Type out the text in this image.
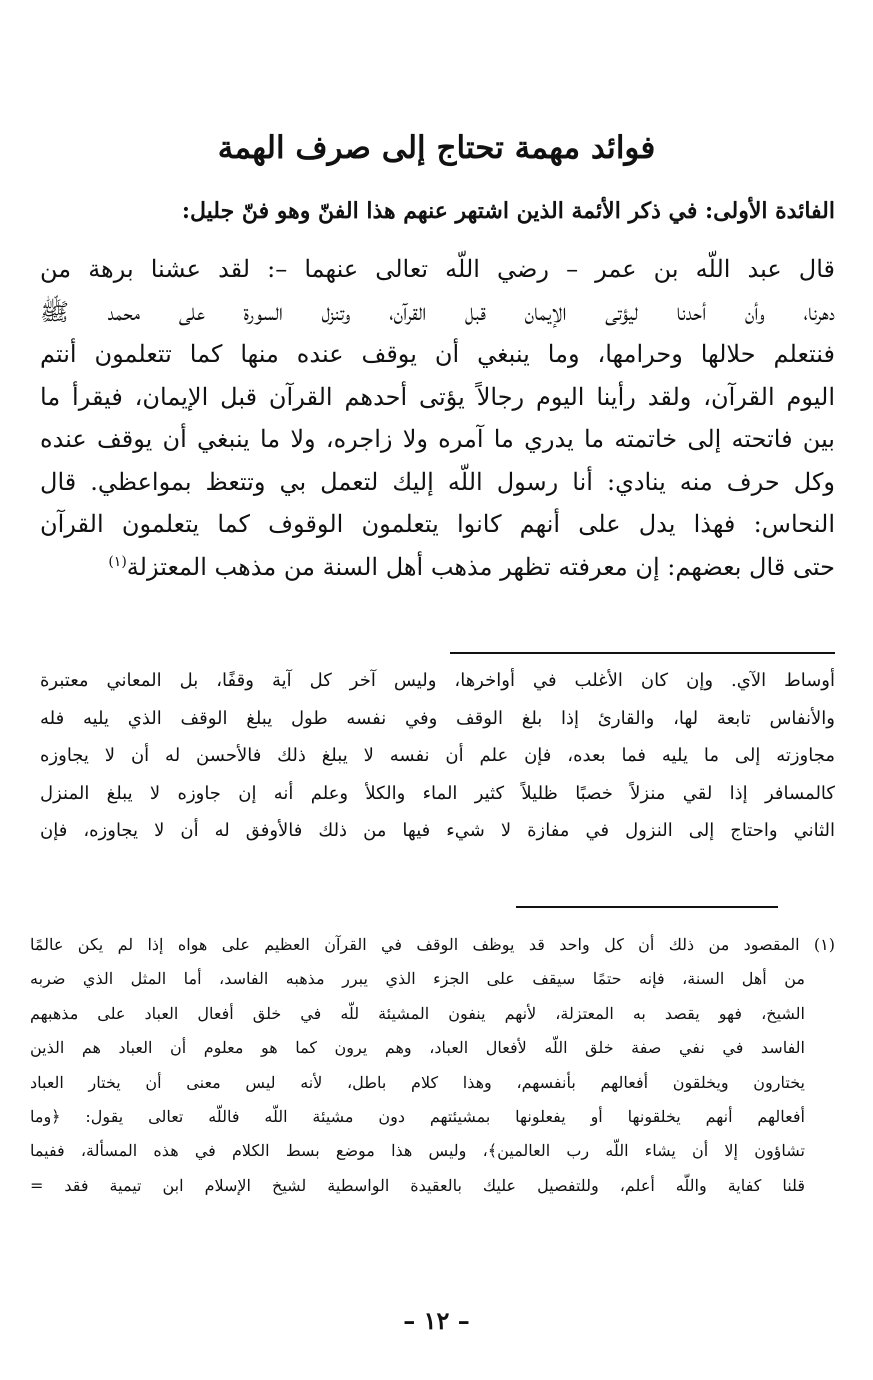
فوائد مهمة تحتاج إلى صرف الهمة
الفائدة الأولى: في ذكر الأئمة الذين اشتهر عنهم هذا الفنّ وهو فنّ جليل:
قال عبد اللّه بن عمر – رضي اللّه تعالى عنهما –: لقد عشنا برهة من
دهرنا، وأن أحدنا ليؤتى الإيمان قبل القرآن، وتنزل السورة على محمد ﷺ
فنتعلم حلالها وحرامها، وما ينبغي أن يوقف عنده منها كما تتعلمون أنتم
اليوم القرآن، ولقد رأينا اليوم رجالاً يؤتى أحدهم القرآن قبل الإيمان، فيقرأ ما
بين فاتحته إلى خاتمته ما يدري ما آمره ولا زاجره، ولا ما ينبغي أن يوقف عنده
وكل حرف منه ينادي: أنا رسول اللّه إليك لتعمل بي وتتعظ بمواعظي. قال
النحاس: فهذا يدل على أنهم كانوا يتعلمون الوقوف كما يتعلمون القرآن
حتى قال بعضهم: إن معرفته تظهر مذهب أهل السنة من مذهب المعتزلة$^{(١)}$
أوساط الآي. وإن كان الأغلب في أواخرها، وليس آخر كل آية وقفًا، بل المعاني معتبرة
والأنفاس تابعة لها، والقارئ إذا بلغ الوقف وفي نفسه طول يبلغ الوقف الذي يليه فله
مجاوزته إلى ما يليه فما بعده، فإن علم أن نفسه لا يبلغ ذلك فالأحسن له أن لا يجاوزه
كالمسافر إذا لقي منزلاً خصبًا ظليلاً كثير الماء والكلأ وعلم أنه إن جاوزه لا يبلغ المنزل
الثاني واحتاج إلى النزول في مفازة لا شيء فيها من ذلك فالأوفق له أن لا يجاوزه، فإن
(١) المقصود من ذلك أن كل واحد قد يوظف الوقف في القرآن العظيم على هواه إذا لم يكن عالمًا
من أهل السنة، فإنه حتمًا سيقف على الجزء الذي يبرر مذهبه الفاسد، أما المثل الذي ضربه
الشيخ، فهو يقصد به المعتزلة، لأنهم ينفون المشيئة للّه في خلق أفعال العباد على مذهبهم
الفاسد في نفي صفة خلق اللّه لأفعال العباد، وهم يرون كما هو معلوم أن العباد هم الذين
يختارون ويخلقون أفعالهم بأنفسهم، وهذا كلام باطل، لأنه ليس معنى أن يختار العباد
أفعالهم أنهم يخلقونها أو يفعلونها بمشيئتهم دون مشيئة اللّه فاللّه تعالى يقول: ﴿وما
تشاؤون إلا أن يشاء اللّه رب العالمين﴾، وليس هذا موضع بسط الكلام في هذه المسألة، ففيما
قلنا كفاية واللّه أعلم، وللتفصيل عليك بالعقيدة الواسطية لشيخ الإسلام ابن تيمية فقد =
– ١٢ –
